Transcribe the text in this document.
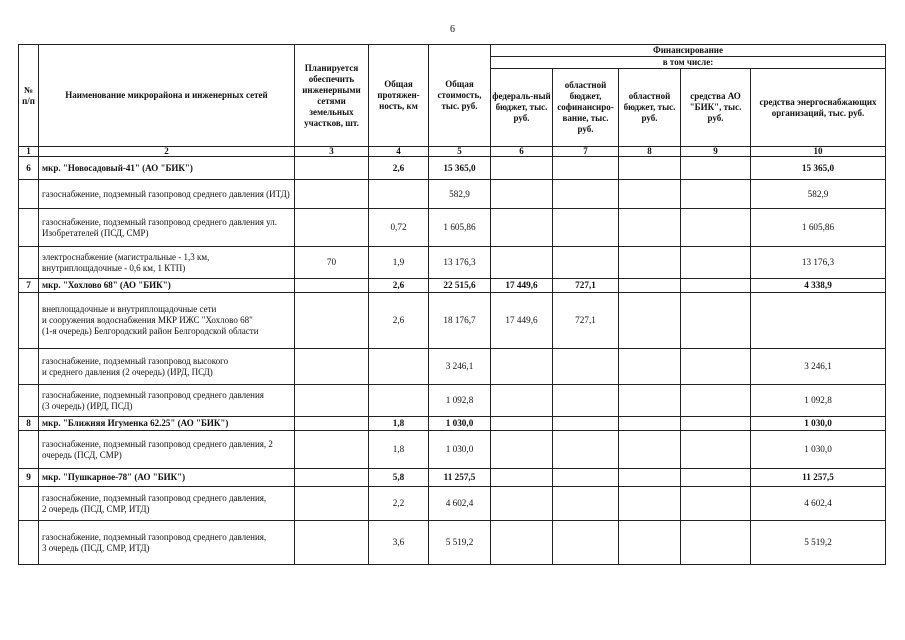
6
№
п/п	Наименование микрорайона и инженерных сетей	Планируется обеспечить инженерными сетями земельных участков, шт.	Общая протяжен-ность, км	Общая стоимость, тыс. руб.	Финансирование				
					в том числе:				
					федераль-ный бюджет, тыс. руб.	областной бюджет, софинансиро-вание, тыс. руб.	областной бюджет, тыс. руб.	средства АО "БИК", тыс. руб.	средства энергоснабжающих организаций, тыс. руб.
1	2	3	4	5	6	7	8	9	10
6	мкр. "Новосадовый-41" (АО "БИК")		2,6	15 365,0					15 365,0
	газоснабжение, подземный газопровод среднего давления (ИТД)			582,9					582,9
	газоснабжение, подземный газопровод среднего давления ул. Изобретателей (ПСД, СМР)		0,72	1 605,86					1 605,86
	электроснабжение (магистральные - 1,3 км, внутриплощадочные - 0,6 км, 1 КТП)	70	1,9	13 176,3					13 176,3
7	мкр. "Хохлово 68" (АО "БИК")		2,6	22 515,6	17 449,6	727,1			4 338,9
	внеплощадочные и внутриплощадочные сети
и сооружения водоснабжения МКР ИЖС "Хохлово 68"
(1-я очередь) Белгородский район Белгородской области		2,6	18 176,7	17 449,6	727,1			
	газоснабжение, подземный газопровод высокого
и среднего давления (2 очередь) (ИРД, ПСД)			3 246,1					3 246,1
	газоснабжение, подземный газопровод среднего давления
(3 очередь) (ИРД, ПСД)			1 092,8					1 092,8
8	мкр. "Ближняя Игуменка 62.25" (АО "БИК")		1,8	1 030,0					1 030,0
	газоснабжение, подземный газопровод среднего давления, 2 очередь (ПСД, СМР)		1,8	1 030,0					1 030,0
9	мкр. "Пушкарное-78" (АО "БИК")		5,8	11 257,5					11 257,5
	газоснабжение, подземный газопровод среднего давления,
2 очередь (ПСД, СМР, ИТД)		2,2	4 602,4					4 602,4
	газоснабжение, подземный газопровод среднего давления,
3 очередь (ПСД, СМР, ИТД)		3,6	5 519,2					5 519,2
